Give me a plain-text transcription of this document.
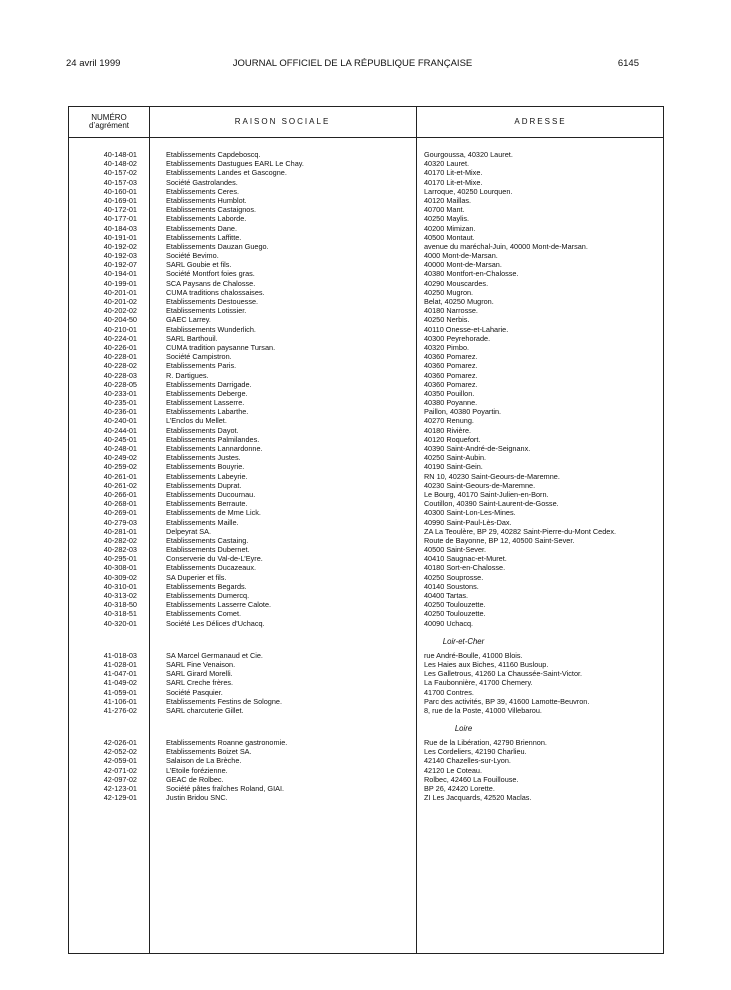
24 avril 1999	JOURNAL OFFICIEL DE LA RÉPUBLIQUE FRANÇAISE	6145
NUMÉRO
d’agrément	RAISON SOCIALE	ADRESSE
40-148-01	Etablissements Capdeboscq.	Gourgoussa, 40320 Lauret.
40-148-02	Etablissements Dastugues EARL Le Chay.	40320 Lauret.
40-157-02	Etablissements Landes et Gascogne.	40170 Lit-et-Mixe.
40-157-03	Société Gastrolandes.	40170 Lit-et-Mixe.
40-160-01	Etablissements Ceres.	Larroque, 40250 Lourquen.
40-169-01	Etablissements Humblot.	40120 Maillas.
40-172-01	Etablissements Castaignos.	40700 Mant.
40-177-01	Etablissements Laborde.	40250 Maylis.
40-184-03	Etablissements Dane.	40200 Mimizan.
40-191-01	Etablissements Laffitte.	40500 Montaut.
40-192-02	Etablissements Dauzan Guego.	avenue du maréchal-Juin, 40000 Mont-de-Marsan.
40-192-03	Société Bevimo.	4000 Mont-de-Marsan.
40-192-07	SARL Goubie et fils.	40000 Mont-de-Marsan.
40-194-01	Société Montfort foies gras.	40380 Montfort-en-Chalosse.
40-199-01	SCA Paysans de Chalosse.	40290 Mouscardes.
40-201-01	CUMA traditions chalossaises.	40250 Mugron.
40-201-02	Etablissements Destouesse.	Belat, 40250 Mugron.
40-202-02	Etablissements Lotissier.	40180 Narrosse.
40-204-50	GAEC Larrey.	40250 Nerbis.
40-210-01	Etablissements Wunderlich.	40110 Onesse-et-Laharie.
40-224-01	SARL Barthouil.	40300 Peyrehorade.
40-226-01	CUMA tradition paysanne Tursan.	40320 Pimbo.
40-228-01	Société Campistron.	40360 Pomarez.
40-228-02	Etablissements Paris.	40360 Pomarez.
40-228-03	R. Dartigues.	40360 Pomarez.
40-228-05	Etablissements Darrigade.	40360 Pomarez.
40-233-01	Etablissements Deberge.	40350 Pouillon.
40-235-01	Etablissement Lasserre.	40380 Poyanne.
40-236-01	Etablissements Labarthe.	Paillon, 40380 Poyartin.
40-240-01	L’Enclos du Mellet.	40270 Renung.
40-244-01	Etablissements Dayot.	40180 Rivière.
40-245-01	Etablissements Palmilandes.	40120 Roquefort.
40-248-01	Etablissements Lannardonne.	40390 Saint-André-de-Seignanx.
40-249-02	Etablissements Justes.	40250 Saint-Aubin.
40-259-02	Etablissements Bouyrie.	40190 Saint-Gein.
40-261-01	Etablissements Labeyrie.	RN 10, 40230 Saint-Geours-de-Maremne.
40-261-02	Etablissements Duprat.	40230 Saint-Geours-de-Maremne.
40-266-01	Etablissements Ducournau.	Le Bourg, 40170 Saint-Julien-en-Born.
40-268-01	Etablissements Berraute.	Coutillon, 40390 Saint-Laurent-de-Gosse.
40-269-01	Etablissements de Mme Lick.	40300 Saint-Lon-Les-Mines.
40-279-03	Etablissements Maille.	40990 Saint-Paul-Lès-Dax.
40-281-01	Delpeyrat SA.	ZA La Teoulère, BP 29, 40282 Saint-Pierre-du-Mont Cedex.
40-282-02	Etablissements Castaing.	Route de Bayonne, BP 12, 40500 Saint-Sever.
40-282-03	Etablissements Dubernet.	40500 Saint-Sever.
40-295-01	Conserverie du Val-de-L’Eyre.	40410 Saugnac-et-Muret.
40-308-01	Etablissements Ducazeaux.	40180 Sort-en-Chalosse.
40-309-02	SA Duperier et fils.	40250 Souprosse.
40-310-01	Etablissements Begards.	40140 Soustons.
40-313-02	Etablissements Dumercq.	40400 Tartas.
40-318-50	Etablissements Lasserre Calote.	40250 Toulouzette.
40-318-51	Etablissements Comet.	40250 Toulouzette.
40-320-01	Société Les Délices d’Uchacq.	40090 Uchacq.
Loir-et-Cher
41-018-03	SA Marcel Germanaud et Cie.	rue André-Boulle, 41000 Blois.
41-028-01	SARL Fine Venaison.	Les Haies aux Biches, 41160 Busloup.
41-047-01	SARL Girard Morelli.	Les Galletrous, 41260 La Chaussée-Saint-Victor.
41-049-02	SARL Creche frères.	La Faubonnière, 41700 Chemery.
41-059-01	Société Pasquier.	41700 Contres.
41-106-01	Etablissements Festins de Sologne.	Parc des activités, BP 39, 41600 Lamotte-Beuvron.
41-276-02	SARL charcuterie Gillet.	8, rue de la Poste, 41000 Villebarou.
Loire
42-026-01	Etablissements Roanne gastronomie.	Rue de la Libération, 42790 Briennon.
42-052-02	Etablissements Boizet SA.	Les Cordeliers, 42190 Charlieu.
42-059-01	Salaison de La Brèche.	42140 Chazelles-sur-Lyon.
42-071-02	L’Etoile forézienne.	42120 Le Coteau.
42-097-02	GEAC de Rolbec.	Rolbec, 42460 La Fouillouse.
42-123-01	Société pâtes fraîches Roland, GIAI.	BP 26, 42420 Lorette.
42-129-01	Justin Bridou SNC.	ZI Les Jacquards, 42520 Maclas.
